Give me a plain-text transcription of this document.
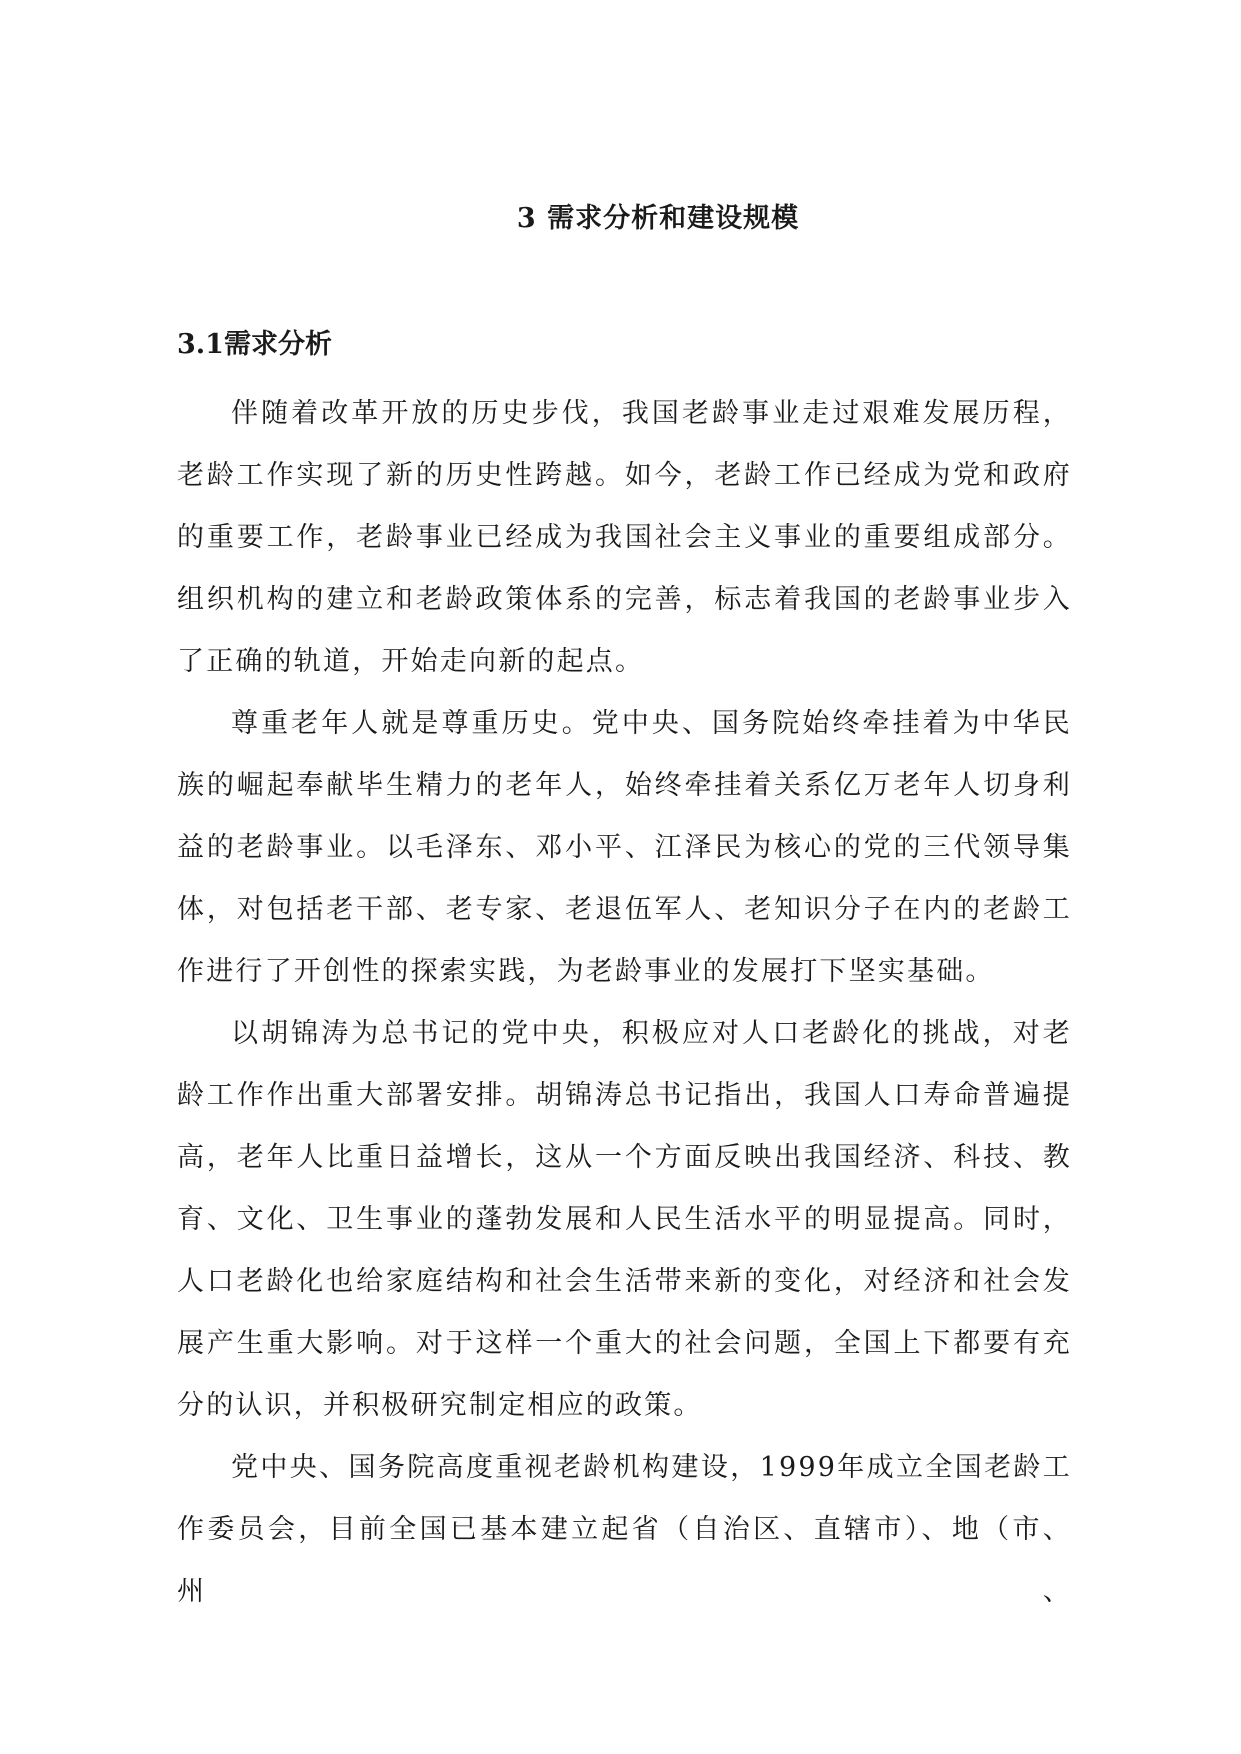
3 需求分析和建设规模
3.1需求分析

伴随着改革开放的历史步伐，我国老龄事业走过艰难发展历程，老龄工作实现了新的历史性跨越。如今，老龄工作已经成为党和政府的重要工作，老龄事业已经成为我国社会主义事业的重要组成部分。组织机构的建立和老龄政策体系的完善，标志着我国的老龄事业步入了正确的轨道，开始走向新的起点。

尊重老年人就是尊重历史。党中央、国务院始终牵挂着为中华民族的崛起奉献毕生精力的老年人，始终牵挂着关系亿万老年人切身利益的老龄事业。以毛泽东、邓小平、江泽民为核心的党的三代领导集体，对包括老干部、老专家、老退伍军人、老知识分子在内的老龄工作进行了开创性的探索实践，为老龄事业的发展打下坚实基础。

以胡锦涛为总书记的党中央，积极应对人口老龄化的挑战，对老龄工作作出重大部署安排。胡锦涛总书记指出，我国人口寿命普遍提高，老年人比重日益增长，这从一个方面反映出我国经济、科技、教育、文化、卫生事业的蓬勃发展和人民生活水平的明显提高。同时，人口老龄化也给家庭结构和社会生活带来新的变化，对经济和社会发展产生重大影响。对于这样一个重大的社会问题，全国上下都要有充分的认识，并积极研究制定相应的政策。

党中央、国务院高度重视老龄机构建设，1999年成立全国老龄工作委员会，目前全国已基本建立起省（自治区、直辖市）、地（市、州、
